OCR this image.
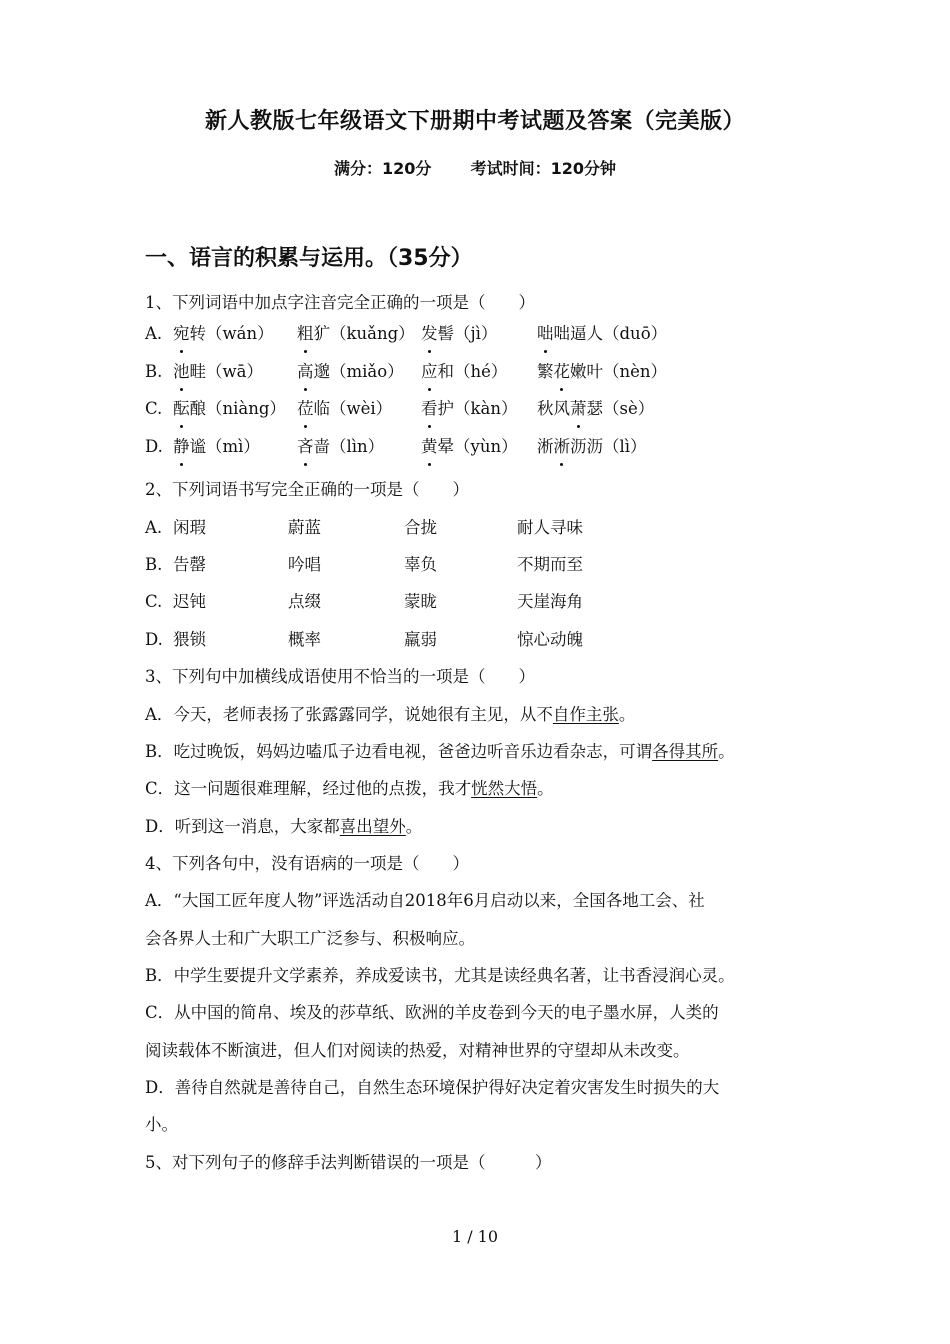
新人教版七年级语文下册期中考试题及答案（完美版）
满分：120分 考试时间：120分钟
一、语言的积累与运用。（35分）
1、下列词语中加点字注音完全正确的一项是（　　）
A. 宛转（wán） 粗犷（kuǎng） 发髻（jì） 咄咄逼人（duō）
B. 池畦（wā） 高邈（miǎo） 应和（hé） 繁花嫩叶（nèn）
C. 酝酿（niàng） 莅临（wèi） 看护（kàn） 秋风萧瑟（sè）
D. 静谧（mì） 吝啬（lìn） 黄晕（yùn） 淅淅沥沥（lì）
2、下列词语书写完全正确的一项是（　　）
A. 闲瑕	蔚蓝	合拢	耐人寻味
B. 告罄	吟唱	辜负	不期而至
C. 迟钝	点缀	蒙眬	天崖海角
D. 猥锁	概率	羸弱	惊心动魄
3、下列句中加横线成语使用不恰当的一项是（　　）
A．今天，老师表扬了张露露同学，说她很有主见，从不自作主张。
B．吃过晚饭，妈妈边嗑瓜子边看电视，爸爸边听音乐边看杂志，可谓各得其所。
C．这一问题很难理解，经过他的点拨，我才恍然大悟。
D．听到这一消息，大家都喜出望外。
4、下列各句中，没有语病的一项是（　　）
A．“大国工匠年度人物”评选活动自2018年6月启动以来，全国各地工会、社
会各界人士和广大职工广泛参与、积极响应。
B．中学生要提升文学素养，养成爱读书，尤其是读经典名著，让书香浸润心灵。
C．从中国的简帛、埃及的莎草纸、欧洲的羊皮卷到今天的电子墨水屏，人类的
阅读载体不断演进，但人们对阅读的热爱，对精神世界的守望却从未改变。
D．善待自然就是善待自己，自然生态环境保护得好决定着灾害发生时损失的大
小。
5、对下列句子的修辞手法判断错误的一项是（　　　）
1 / 10
